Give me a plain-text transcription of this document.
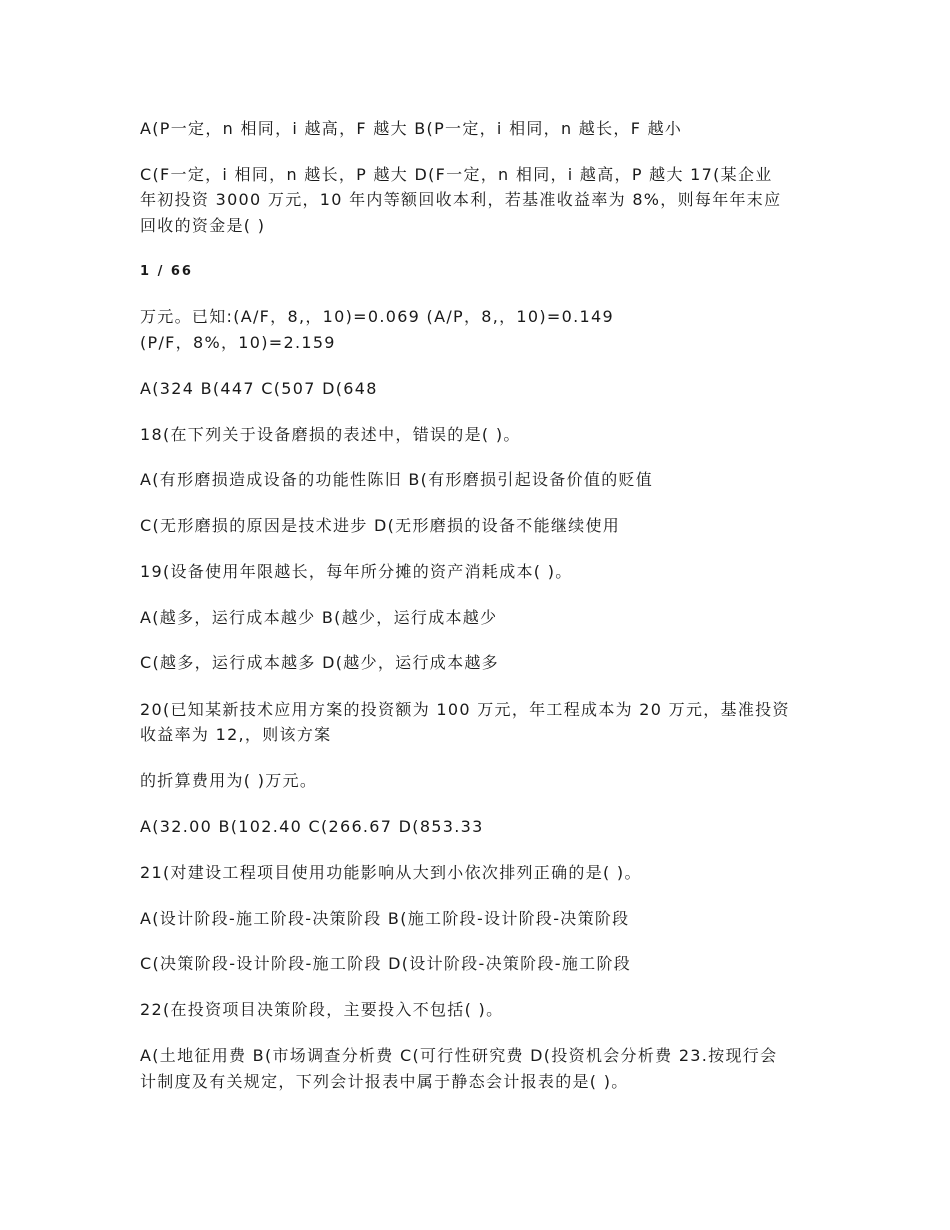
A(P一定，n 相同，i 越高，F 越大 B(P一定，i 相同，n 越长，F 越小
C(F一定，i 相同，n 越长，P 越大 D(F一定，n 相同，i 越高，P 越大 17(某企业
年初投资 3000 万元，10 年内等额回收本利，若基准收益率为 8%，则每年年末应
回收的资金是( )
1 / 66
万元。已知:(A/F，8,，10)=0.069 (A/P，8,，10)=0.149
(P/F，8%，10)=2.159
A(324 B(447 C(507 D(648
18(在下列关于设备磨损的表述中，错误的是( )。
A(有形磨损造成设备的功能性陈旧 B(有形磨损引起设备价值的贬值
C(无形磨损的原因是技术进步 D(无形磨损的设备不能继续使用
19(设备使用年限越长，每年所分摊的资产消耗成本( )。
A(越多，运行成本越少 B(越少，运行成本越少
C(越多，运行成本越多 D(越少，运行成本越多
20(已知某新技术应用方案的投资额为 100 万元，年工程成本为 20 万元，基准投资
收益率为 12,，则该方案
的折算费用为( )万元。
A(32.00 B(102.40 C(266.67 D(853.33
21(对建设工程项目使用功能影响从大到小依次排列正确的是( )。
A(设计阶段-施工阶段-决策阶段 B(施工阶段-设计阶段-决策阶段
C(决策阶段-设计阶段-施工阶段 D(设计阶段-决策阶段-施工阶段
22(在投资项目决策阶段，主要投入不包括( )。
A(土地征用费 B(市场调查分析费 C(可行性研究费 D(投资机会分析费 23.按现行会
计制度及有关规定，下列会计报表中属于静态会计报表的是( )。
